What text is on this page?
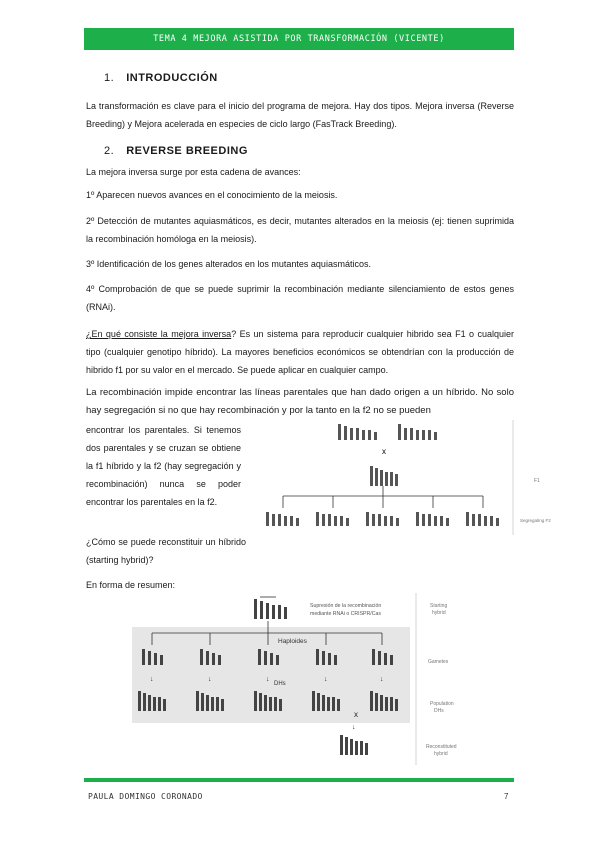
TEMA 4 MEJORA ASISTIDA POR TRANSFORMACIÓN (VICENTE)
1. INTRODUCCIÓN
La transformación es clave para el inicio del programa de mejora. Hay dos tipos. Mejora inversa (Reverse Breeding) y Mejora acelerada en especies de ciclo largo (FasTrack Breeding).
2. REVERSE BREEDING
La mejora inversa surge por esta cadena de avances:
1º Aparecen nuevos avances en el conocimiento de la meiosis.
2º Detección de mutantes aquiasmáticos, es decir, mutantes alterados en la meiosis (ej: tienen suprimida la recombinación homóloga en la meiosis).
3º Identificación de los genes alterados en los mutantes aquiasmáticos.
4º Comprobación de que se puede suprimir la recombinación mediante silenciamiento de estos genes (RNAi).
¿En qué consiste la mejora inversa? Es un sistema para reproducir cualquier hibrido sea F1 o cualquier tipo (cualquier genotipo híbrido). La mayores beneficios económicos se obtendrían con la producción de hibrido f1 por su valor en el mercado. Se puede aplicar en cualquier campo.
La recombinación impide encontrar las líneas parentales que han dado origen a un híbrido. No solo hay segregación si no que hay recombinación y por la tanto en la f2 no se pueden
encontrar los parentales. Si tenemos dos parentales y se cruzan se obtiene la f1 híbrido y la f2 (hay segregación y recombinación) nunca se poder encontrar los parentales en la f2.
¿Cómo se puede reconstituir un híbrido (starting hybrid)?
En forma de resumen:
x
F1
Segregating F2
Supresión de la recombinación
mediante RNAi o CRISPR/Cas
Haploides
↓	↓	↓	↓	↓
DHs
x
↓
Starting
hybrid
Gametes
Population
DHs
Reconstituted
hybrid
PAULA DOMINGO CORONADO	7
